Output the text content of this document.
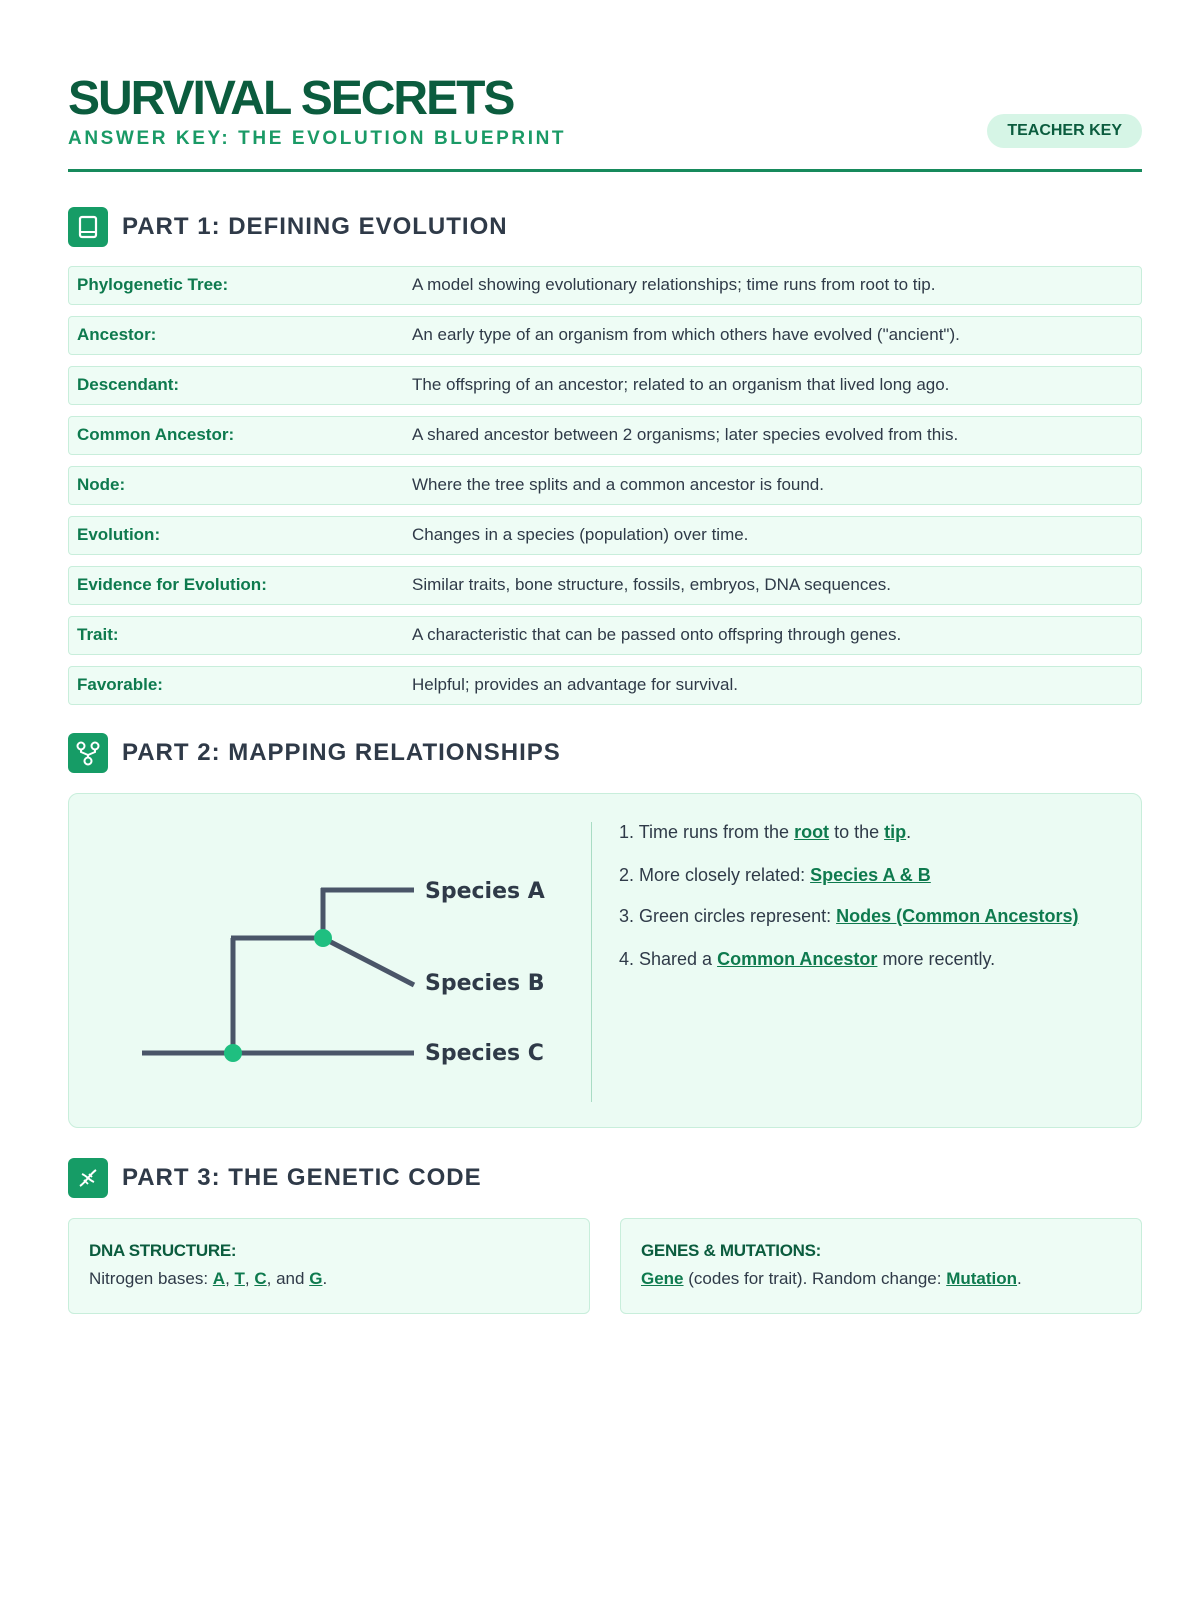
SURVIVAL SECRETS
ANSWER KEY: THE EVOLUTION BLUEPRINT	TEACHER KEY
PART 1: DEFINING EVOLUTION
Phylogenetic Tree:	A model showing evolutionary relationships; time runs from root to tip.
Ancestor:	An early type of an organism from which others have evolved ("ancient").
Descendant:	The offspring of an ancestor; related to an organism that lived long ago.
Common Ancestor:	A shared ancestor between 2 organisms; later species evolved from this.
Node:	Where the tree splits and a common ancestor is found.
Evolution:	Changes in a species (population) over time.
Evidence for Evolution:	Similar traits, bone structure, fossils, embryos, DNA sequences.
Trait:	A characteristic that can be passed onto offspring through genes.
Favorable:	Helpful; provides an advantage for survival.
PART 2: MAPPING RELATIONSHIPS
Species A
Species B
Species C
1. Time runs from the root to the tip.
2. More closely related: Species A & B
3. Green circles represent: Nodes (Common Ancestors)
4. Shared a Common Ancestor more recently.
PART 3: THE GENETIC CODE
DNA STRUCTURE:
Nitrogen bases: A, T, C, and G.
GENES & MUTATIONS:
Gene (codes for trait). Random change: Mutation.
